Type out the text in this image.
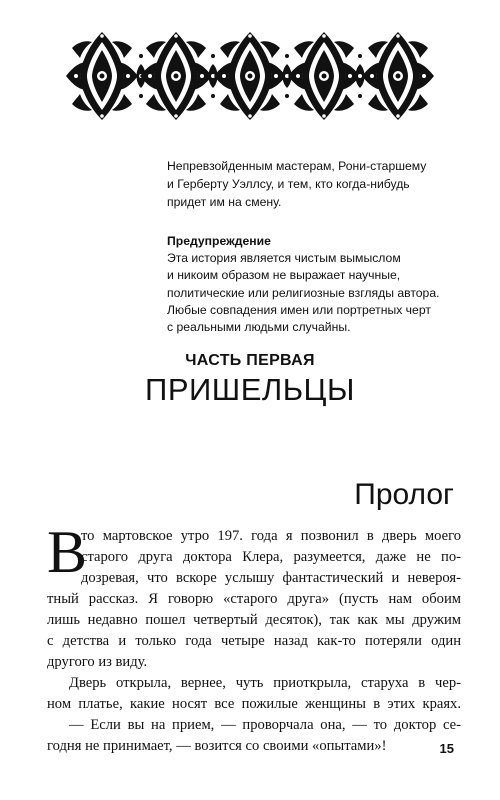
Непревзойденным мастерам, Рони-старшему
и Герберту Уэллсу, и тем, кто когда-нибудь
придет им на смену.
Предупреждение
Эта история является чистым вымыслом
и никоим образом не выражает научные,
политические или религиозные взгляды автора.
Любые совпадения имен или портретных черт
с реальными людьми случайны.
ЧАСТЬ ПЕРВАЯ
ПРИШЕЛЬЦЫ
Пролог
В
то мартовское утро 197. года я позвонил в дверь моего
старого друга доктора Клера, разумеется, даже не по-
дозревая, что вскоре услышу фантастический и невероя-
тный рассказ. Я говорю «старого друга» (пусть нам обоим
лишь недавно пошел четвертый десяток), так как мы дружим
с детства и только года четыре назад как-то потеряли один
другого из виду.
Дверь открыла, вернее, чуть приоткрыла, старуха в чер-
ном платье, какие носят все пожилые женщины в этих краях.
— Если вы на прием, — проворчала она, — то доктор се-
годня не принимает, — возится со своими «опытами»!	15
